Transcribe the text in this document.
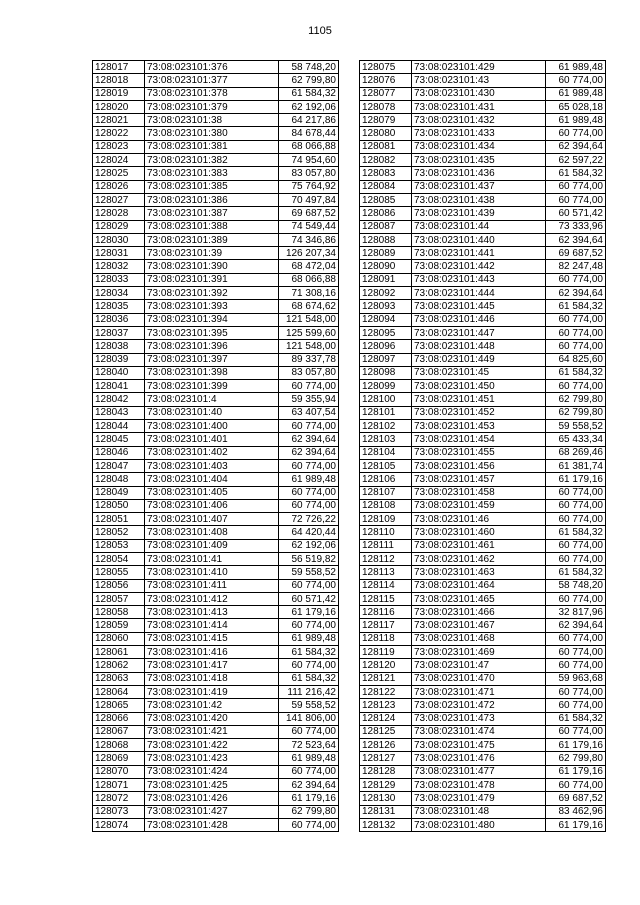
1105
128017	73:08:023101:376	58 748,20
128018	73:08:023101:377	62 799,80
128019	73:08:023101:378	61 584,32
128020	73:08:023101:379	62 192,06
128021	73:08:023101:38	64 217,86
128022	73:08:023101:380	84 678,44
128023	73:08:023101:381	68 066,88
128024	73:08:023101:382	74 954,60
128025	73:08:023101:383	83 057,80
128026	73:08:023101:385	75 764,92
128027	73:08:023101:386	70 497,84
128028	73:08:023101:387	69 687,52
128029	73:08:023101:388	74 549,44
128030	73:08:023101:389	74 346,86
128031	73:08:023101:39	126 207,34
128032	73:08:023101:390	68 472,04
128033	73:08:023101:391	68 066,88
128034	73:08:023101:392	71 308,16
128035	73:08:023101:393	68 674,62
128036	73:08:023101:394	121 548,00
128037	73:08:023101:395	125 599,60
128038	73:08:023101:396	121 548,00
128039	73:08:023101:397	89 337,78
128040	73:08:023101:398	83 057,80
128041	73:08:023101:399	60 774,00
128042	73:08:023101:4	59 355,94
128043	73:08:023101:40	63 407,54
128044	73:08:023101:400	60 774,00
128045	73:08:023101:401	62 394,64
128046	73:08:023101:402	62 394,64
128047	73:08:023101:403	60 774,00
128048	73:08:023101:404	61 989,48
128049	73:08:023101:405	60 774,00
128050	73:08:023101:406	60 774,00
128051	73:08:023101:407	72 726,22
128052	73:08:023101:408	64 420,44
128053	73:08:023101:409	62 192,06
128054	73:08:023101:41	56 519,82
128055	73:08:023101:410	59 558,52
128056	73:08:023101:411	60 774,00
128057	73:08:023101:412	60 571,42
128058	73:08:023101:413	61 179,16
128059	73:08:023101:414	60 774,00
128060	73:08:023101:415	61 989,48
128061	73:08:023101:416	61 584,32
128062	73:08:023101:417	60 774,00
128063	73:08:023101:418	61 584,32
128064	73:08:023101:419	111 216,42
128065	73:08:023101:42	59 558,52
128066	73:08:023101:420	141 806,00
128067	73:08:023101:421	60 774,00
128068	73:08:023101:422	72 523,64
128069	73:08:023101:423	61 989,48
128070	73:08:023101:424	60 774,00
128071	73:08:023101:425	62 394,64
128072	73:08:023101:426	61 179,16
128073	73:08:023101:427	62 799,80
128074	73:08:023101:428	60 774,00
128075	73:08:023101:429	61 989,48
128076	73:08:023101:43	60 774,00
128077	73:08:023101:430	61 989,48
128078	73:08:023101:431	65 028,18
128079	73:08:023101:432	61 989,48
128080	73:08:023101:433	60 774,00
128081	73:08:023101:434	62 394,64
128082	73:08:023101:435	62 597,22
128083	73:08:023101:436	61 584,32
128084	73:08:023101:437	60 774,00
128085	73:08:023101:438	60 774,00
128086	73:08:023101:439	60 571,42
128087	73:08:023101:44	73 333,96
128088	73:08:023101:440	62 394,64
128089	73:08:023101:441	69 687,52
128090	73:08:023101:442	82 247,48
128091	73:08:023101:443	60 774,00
128092	73:08:023101:444	62 394,64
128093	73:08:023101:445	61 584,32
128094	73:08:023101:446	60 774,00
128095	73:08:023101:447	60 774,00
128096	73:08:023101:448	60 774,00
128097	73:08:023101:449	64 825,60
128098	73:08:023101:45	61 584,32
128099	73:08:023101:450	60 774,00
128100	73:08:023101:451	62 799,80
128101	73:08:023101:452	62 799,80
128102	73:08:023101:453	59 558,52
128103	73:08:023101:454	65 433,34
128104	73:08:023101:455	68 269,46
128105	73:08:023101:456	61 381,74
128106	73:08:023101:457	61 179,16
128107	73:08:023101:458	60 774,00
128108	73:08:023101:459	60 774,00
128109	73:08:023101:46	60 774,00
128110	73:08:023101:460	61 584,32
128111	73:08:023101:461	60 774,00
128112	73:08:023101:462	60 774,00
128113	73:08:023101:463	61 584,32
128114	73:08:023101:464	58 748,20
128115	73:08:023101:465	60 774,00
128116	73:08:023101:466	32 817,96
128117	73:08:023101:467	62 394,64
128118	73:08:023101:468	60 774,00
128119	73:08:023101:469	60 774,00
128120	73:08:023101:47	60 774,00
128121	73:08:023101:470	59 963,68
128122	73:08:023101:471	60 774,00
128123	73:08:023101:472	60 774,00
128124	73:08:023101:473	61 584,32
128125	73:08:023101:474	60 774,00
128126	73:08:023101:475	61 179,16
128127	73:08:023101:476	62 799,80
128128	73:08:023101:477	61 179,16
128129	73:08:023101:478	60 774,00
128130	73:08:023101:479	69 687,52
128131	73:08:023101:48	83 462,96
128132	73:08:023101:480	61 179,16
